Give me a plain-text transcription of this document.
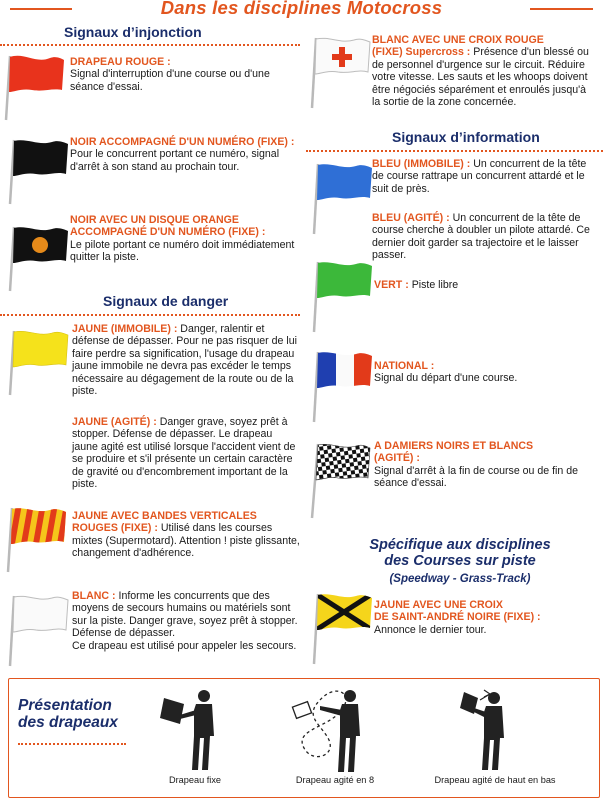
Dans les disciplines Motocross
Signaux d’injonction
Signaux de danger
Signaux d’information
DRAPEAU ROUGE :
Signal d'interruption d'une course ou d'une séance d'essai.
NOIR ACCOMPAGNÉ D'UN NUMÉRO (FIXE) : Pour le concurrent portant ce numéro, signal d'arrêt à son stand au prochain tour.
NOIR AVEC UN DISQUE ORANGE
ACCOMPAGNÉ D'UN NUMÉRO (FIXE) :
Le pilote portant ce numéro doit immédiatement quitter la piste.
JAUNE (IMMOBILE) : Danger, ralentir et défense de dépasser. Pour ne pas risquer de lui faire perdre sa signification, l'usage du drapeau jaune immobile ne devra pas excéder le temps nécessaire au dégagement de la route ou de la piste.
JAUNE (AGITÉ) : Danger grave, soyez prêt à stopper. Défense de dépasser. Le drapeau jaune agité est utilisé lorsque l'accident vient de se produire et s'il présente un certain caractère de gravité ou d'encombrement important de la piste.
JAUNE AVEC BANDES VERTICALES
ROUGES (FIXE) : Utilisé dans les courses mixtes (Supermotard). Attention ! piste glissante, changement d'adhérence.
BLANC : Informe les concurrents que des moyens de secours humains ou matériels sont sur la piste. Danger grave, soyez prêt à stopper. Défense de dépasser.
Ce drapeau est utilisé pour appeler les secours.
BLANC AVEC UNE CROIX ROUGE
(FIXE) Supercross : Présence d'un blessé ou de personnel d'urgence sur le circuit. Réduire votre vitesse. Les sauts et les whoops doivent être négociés séparément et enroulés jusqu'à la sortie de la zone concernée.
BLEU (IMMOBILE) : Un concurrent de la tête de course rattrape un concurrent attardé et le suit de près.
BLEU (AGITÉ) : Un concurrent de la tête de course cherche à doubler un pilote attardé. Ce dernier doit garder sa trajectoire et le laisser passer.
VERT : Piste libre
NATIONAL :
Signal du départ d'une course.
A DAMIERS NOIRS ET BLANCS
(AGITÉ) :
Signal d'arrêt à la fin de course ou de fin de séance d'essai.
Spécifique aux disciplines
des Courses sur piste
(Speedway - Grass-Track)
JAUNE AVEC UNE CROIX
DE SAINT-ANDRÉ NOIRE (FIXE) :
Annonce le dernier tour.
Présentation
des drapeaux
Drapeau fixe	Drapeau agité en 8	Drapeau agité de haut en bas
